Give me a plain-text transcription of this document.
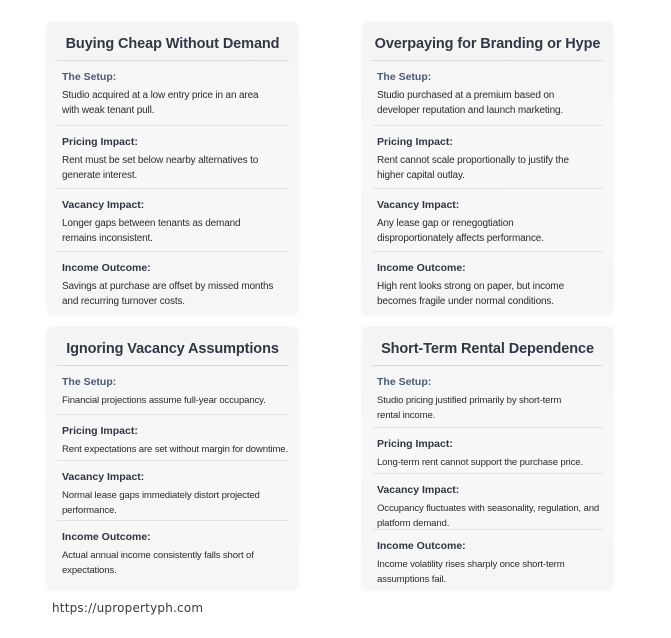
Buying Cheap Without Demand
The Setup:
Studio acquired at a low entry price in an area with weak tenant pull.
Pricing Impact:
Rent must be set below nearby alternatives to generate interest.
Vacancy Impact:
Longer gaps between tenants as demand remains inconsistent.
Income Outcome:
Savings at purchase are offset by missed months and recurring turnover costs.
Overpaying for Branding or Hype
The Setup:
Studio purchased at a premium based on developer reputation and launch marketing.
Pricing Impact:
Rent cannot scale proportionally to justify the higher capital outlay.
Vacancy Impact:
Any lease gap or renegogtiation disproportionately affects performance.
Income Outcome:
High rent looks strong on paper, but income becomes fragile under normal conditions.
Ignoring Vacancy Assumptions
The Setup:
Financial projections assume full-year occupancy.
Pricing Impact:
Rent expectations are set without margin for downtime.
Vacancy Impact:
Normal lease gaps immediately distort projected performance.
Income Outcome:
Actual annual income consistently falls short of expectations.
Short-Term Rental Dependence
The Setup:
Studio pricing justified primarily by short-term rental income.
Pricing Impact:
Long-term rent cannot support the purchase price.
Vacancy Impact:
Occupancy fluctuates with seasonality, regulation, and platform demand.
Income Outcome:
Income volatility rises sharply once short-term assumptions fail.
https://upropertyph.com
